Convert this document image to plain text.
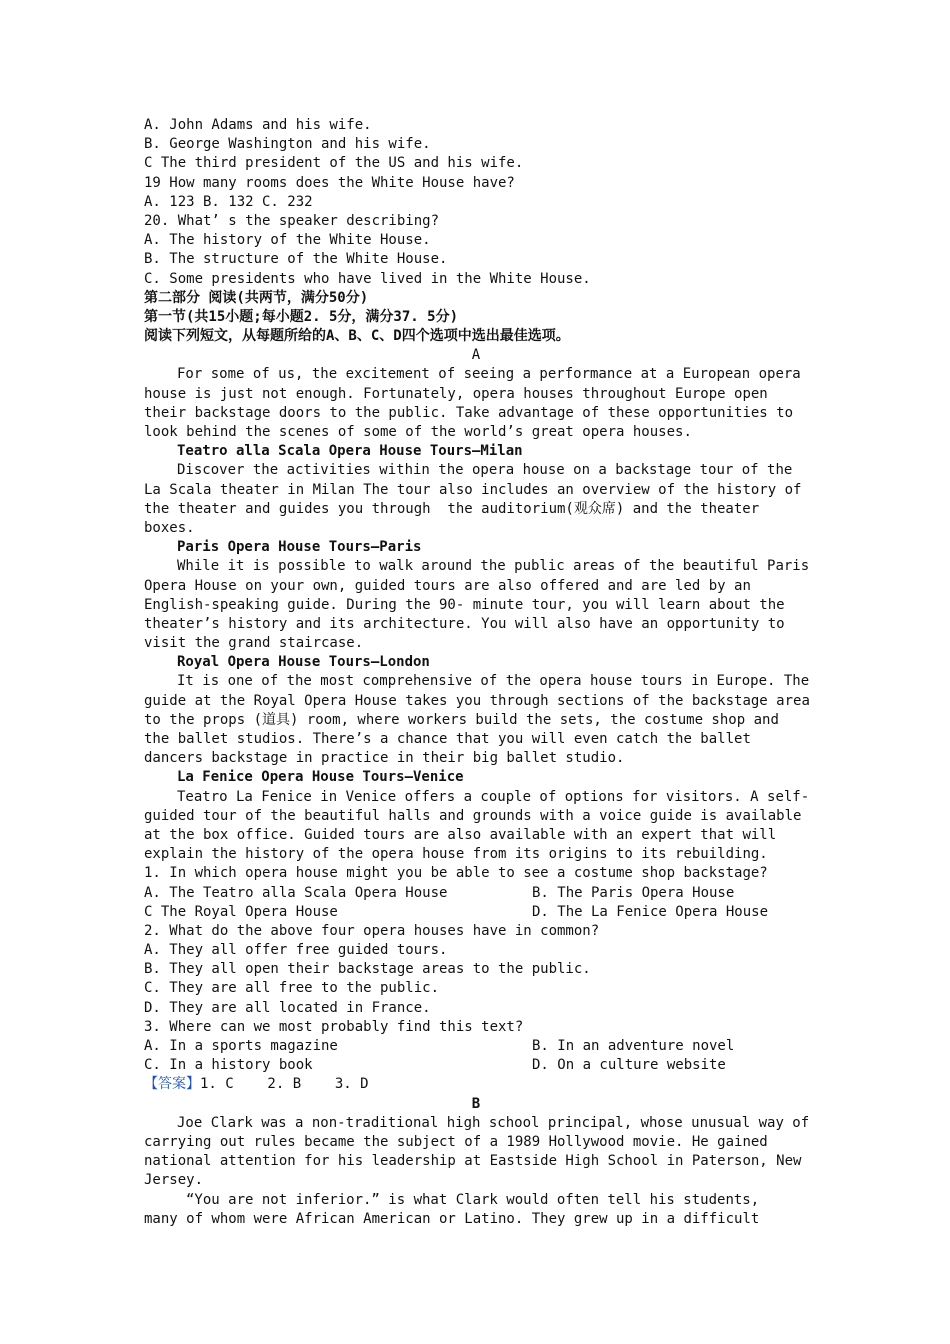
A. John Adams and his wife.
B. George Washington and his wife.
C The third president of the US and his wife.
19 How many rooms does the White House have?
A. 123 B. 132 C. 232
20. What’ s the speaker describing?
A. The history of the White House.
B. The structure of the White House.
C. Some presidents who have lived in the White House.
第二部分 阅读(共两节，满分50分)
第一节(共15小题;每小题2. 5分，满分37. 5分)
阅读下列短文，从每题所给的A、B、C、D四个选项中选出最佳选项。
A
For some of us, the excitement of seeing a performance at a European opera
house is just not enough. Fortunately, opera houses throughout Europe open
their backstage doors to the public. Take advantage of these opportunities to
look behind the scenes of some of the world’s great opera houses.
Teatro alla Scala Opera House Tours—Milan
Discover the activities within the opera house on a backstage tour of the
La Scala theater in Milan The tour also includes an overview of the history of
the theater and guides you through  the auditorium(观众席) and the theater
boxes.
Paris Opera House Tours—Paris
While it is possible to walk around the public areas of the beautiful Paris
Opera House on your own, guided tours are also offered and are led by an
English-speaking guide. During the 90- minute tour, you will learn about the
theater’s history and its architecture. You will also have an opportunity to
visit the grand staircase.
Royal Opera House Tours—London
It is one of the most comprehensive of the opera house tours in Europe. The
guide at the Royal Opera House takes you through sections of the backstage area
to the props (道具) room, where workers build the sets, the costume shop and
the ballet studios. There’s a chance that you will even catch the ballet
dancers backstage in practice in their big ballet studio.
La Fenice Opera House Tours—Venice
Teatro La Fenice in Venice offers a couple of options for visitors. A self-
guided tour of the beautiful halls and grounds with a voice guide is available
at the box office. Guided tours are also available with an expert that will
explain the history of the opera house from its origins to its rebuilding.
1. In which opera house might you be able to see a costume shop backstage?
A. The Teatro alla Scala Opera House	B. The Paris Opera House
C The Royal Opera House	D. The La Fenice Opera House
2. What do the above four opera houses have in common?
A. They all offer free guided tours.
B. They all open their backstage areas to the public.
C. They are all free to the public.
D. They are all located in France.
3. Where can we most probably find this text?
A. In a sports magazine	B. In an adventure novel
C. In a history book	D. On a culture website
【答案】1. C    2. B    3. D
B
Joe Clark was a non-traditional high school principal, whose unusual way of
carrying out rules became the subject of a 1989 Hollywood movie. He gained
national attention for his leadership at Eastside High School in Paterson, New
Jersey.
“You are not inferior.” is what Clark would often tell his students,
many of whom were African American or Latino. They grew up in a difficult
